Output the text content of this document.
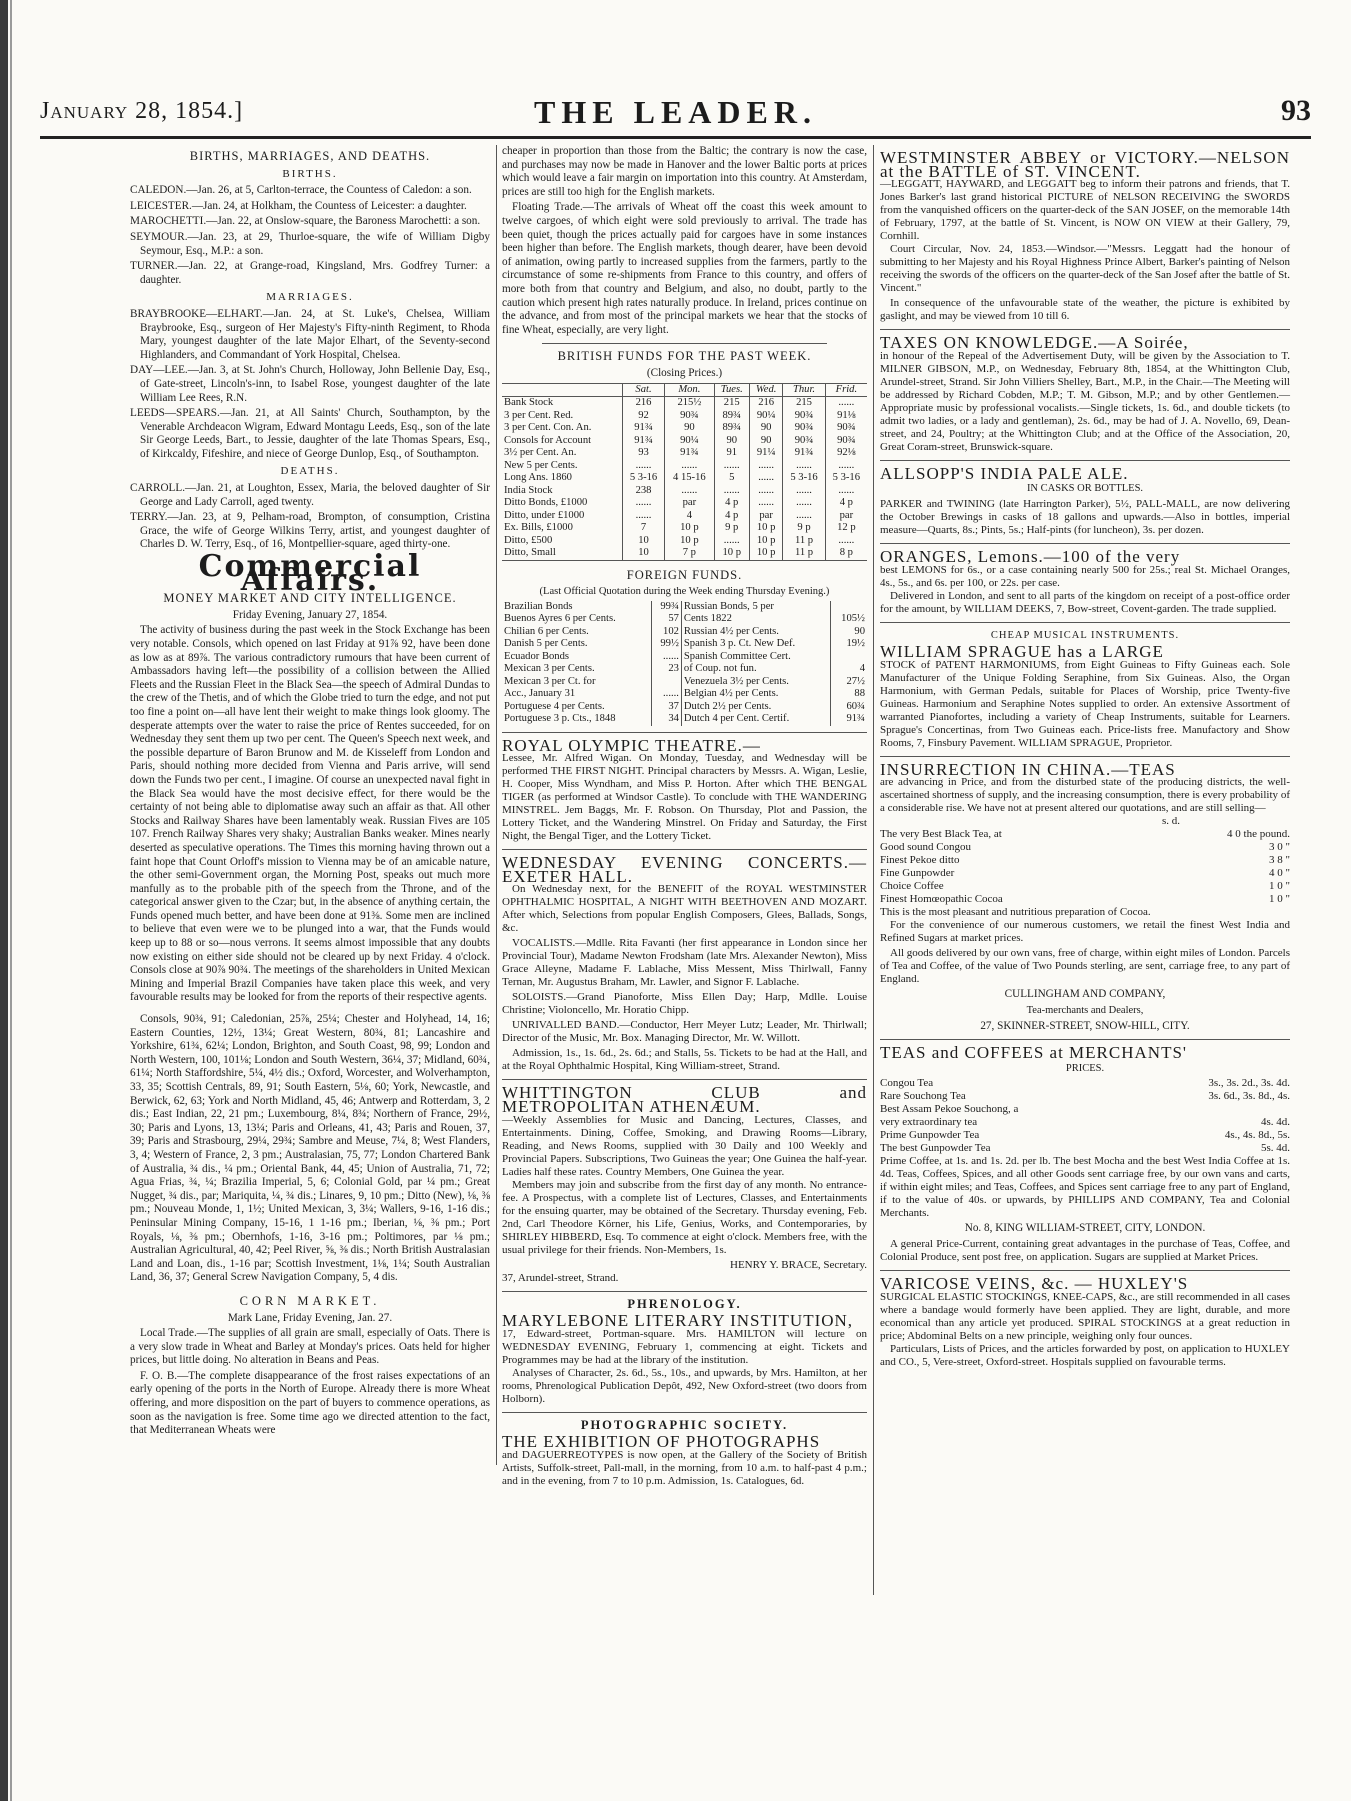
January 28, 1854.]	THE LEADER.	93
BIRTHS, MARRIAGES, AND DEATHS.
BIRTHS.
CALEDON.—Jan. 26, at 5, Carlton-terrace, the Countess of Caledon: a son.
LEICESTER.—Jan. 24, at Holkham, the Countess of Leicester: a daughter.
MAROCHETTI.—Jan. 22, at Onslow-square, the Baroness Marochetti: a son.
SEYMOUR.—Jan. 23, at 29, Thurloe-square, the wife of William Digby Seymour, Esq., M.P.: a son.
TURNER.—Jan. 22, at Grange-road, Kingsland, Mrs. Godfrey Turner: a daughter.
MARRIAGES.
BRAYBROOKE—ELHART.—Jan. 24, at St. Luke's, Chelsea, William Braybrooke, Esq., surgeon of Her Majesty's Fifty-ninth Regiment, to Rhoda Mary, youngest daughter of the late Major Elhart, of the Seventy-second Highlanders, and Commandant of York Hospital, Chelsea.
DAY—LEE.—Jan. 3, at St. John's Church, Holloway, John Bellenie Day, Esq., of Gate-street, Lincoln's-inn, to Isabel Rose, youngest daughter of the late William Lee Rees, R.N.
LEEDS—SPEARS.—Jan. 21, at All Saints' Church, Southampton, by the Venerable Archdeacon Wigram, Edward Montagu Leeds, Esq., son of the late Sir George Leeds, Bart., to Jessie, daughter of the late Thomas Spears, Esq., of Kirkcaldy, Fifeshire, and niece of George Dunlop, Esq., of Southampton.
DEATHS.
CARROLL.—Jan. 21, at Loughton, Essex, Maria, the beloved daughter of Sir George and Lady Carroll, aged twenty.
TERRY.—Jan. 23, at 9, Pelham-road, Brompton, of consumption, Cristina Grace, the wife of George Wilkins Terry, artist, and youngest daughter of Charles D. W. Terry, Esq., of 16, Montpellier-square, aged thirty-one.
Commercial Affairs.
MONEY MARKET AND CITY INTELLIGENCE.
Friday Evening, January 27, 1854.
The activity of business during the past week in the Stock Exchange has been very notable. Consols, which opened on last Friday at 91⅞ 92, have been done as low as at 89⅞. The various contradictory rumours that have been current of Ambassadors having left—the possibility of a collision between the Allied Fleets and the Russian Fleet in the Black Sea—the speech of Admiral Dundas to the crew of the Thetis, and of which the Globe tried to turn the edge, and not put too fine a point on—all have lent their weight to make things look gloomy. The desperate attempts over the water to raise the price of Rentes succeeded, for on Wednesday they sent them up two per cent. The Queen's Speech next week, and the possible departure of Baron Brunow and M. de Kisseleff from London and Paris, should nothing more decided from Vienna and Paris arrive, will send down the Funds two per cent., I imagine. Of course an unexpected naval fight in the Black Sea would have the most decisive effect, for there would be the certainty of not being able to diplomatise away such an affair as that. All other Stocks and Railway Shares have been lamentably weak. Russian Fives are 105 107. French Railway Shares very shaky; Australian Banks weaker. Mines nearly deserted as speculative operations. The Times this morning having thrown out a faint hope that Count Orloff's mission to Vienna may be of an amicable nature, the other semi-Government organ, the Morning Post, speaks out much more manfully as to the probable pith of the speech from the Throne, and of the categorical answer given to the Czar; but, in the absence of anything certain, the Funds opened much better, and have been done at 91⅜. Some men are inclined to believe that even were we to be plunged into a war, that the Funds would keep up to 88 or so—nous verrons. It seems almost impossible that any doubts now existing on either side should not be cleared up by next Friday. 4 o'clock. Consols close at 90⅞ 90¾. The meetings of the shareholders in United Mexican Mining and Imperial Brazil Companies have taken place this week, and very favourable results may be looked for from the reports of their respective agents.
Consols, 90¾, 91; Caledonian, 25⅞, 25¼; Chester and Holyhead, 14, 16; Eastern Counties, 12½, 13¼; Great Western, 80¾, 81; Lancashire and Yorkshire, 61¾, 62¼; London, Brighton, and South Coast, 98, 99; London and North Western, 100, 101⅛; London and South Western, 36¼, 37; Midland, 60¾, 61¼; North Staffordshire, 5¼, 4½ dis.; Oxford, Worcester, and Wolverhampton, 33, 35; Scottish Centrals, 89, 91; South Eastern, 5⅛, 60; York, Newcastle, and Berwick, 62, 63; York and North Midland, 45, 46; Antwerp and Rotterdam, 3, 2 dis.; East Indian, 22, 21 pm.; Luxembourg, 8¼, 8¾; Northern of France, 29½, 30; Paris and Lyons, 13, 13¼; Paris and Orleans, 41, 43; Paris and Rouen, 37, 39; Paris and Strasbourg, 29¼, 29¾; Sambre and Meuse, 7¼, 8; West Flanders, 3, 4; Western of France, 2, 3 pm.; Australasian, 75, 77; London Chartered Bank of Australia, ¾ dis., ¼ pm.; Oriental Bank, 44, 45; Union of Australia, 71, 72; Agua Frias, ¾, ¼; Brazilia Imperial, 5, 6; Colonial Gold, par ¼ pm.; Great Nugget, ¾ dis., par; Mariquita, ¼, ¾ dis.; Linares, 9, 10 pm.; Ditto (New), ⅛, ⅜ pm.; Nouveau Monde, 1, 1½; United Mexican, 3, 3¼; Wallers, 9-16, 1-16 dis.; Peninsular Mining Company, 15-16, 1 1-16 pm.; Iberian, ⅛, ⅜ pm.; Port Royals, ⅛, ⅜ pm.; Obernhofs, 1-16, 3-16 pm.; Poltimores, par ⅛ pm.; Australian Agricultural, 40, 42; Peel River, ⅝, ⅜ dis.; North British Australasian Land and Loan, dis., 1-16 par; Scottish Investment, 1⅛, 1¼; South Australian Land, 36, 37; General Screw Navigation Company, 5, 4 dis.
CORN MARKET.
Mark Lane, Friday Evening, Jan. 27.
Local Trade.—The supplies of all grain are small, especially of Oats. There is a very slow trade in Wheat and Barley at Monday's prices. Oats held for higher prices, but little doing. No alteration in Beans and Peas.
F. O. B.—The complete disappearance of the frost raises expectations of an early opening of the ports in the North of Europe. Already there is more Wheat offering, and more disposition on the part of buyers to commence operations, as soon as the navigation is free. Some time ago we directed attention to the fact, that Mediterranean Wheats were
cheaper in proportion than those from the Baltic; the contrary is now the case, and purchases may now be made in Hanover and the lower Baltic ports at prices which would leave a fair margin on importation into this country. At Amsterdam, prices are still too high for the English markets.
Floating Trade.—The arrivals of Wheat off the coast this week amount to twelve cargoes, of which eight were sold previously to arrival. The trade has been quiet, though the prices actually paid for cargoes have in some instances been higher than before. The English markets, though dearer, have been devoid of animation, owing partly to increased supplies from the farmers, partly to the circumstance of some re-shipments from France to this country, and offers of more both from that country and Belgium, and also, no doubt, partly to the caution which present high rates naturally produce. In Ireland, prices continue on the advance, and from most of the principal markets we hear that the stocks of fine Wheat, especially, are very light.
BRITISH FUNDS FOR THE PAST WEEK.
(Closing Prices.)
	Sat.	Mon.	Tues.	Wed.	Thur.	Frid.
Bank Stock	216	215½	215	216	215	......
3 per Cent. Red.	92	90¾	89¾	90¼	90¾	91⅛
3 per Cent. Con. An.	91¾	90	89¾	90	90¾	90¾
Consols for Account	91¾	90¼	90	90	90¾	90¾
3½ per Cent. An.	93	91¾	91	91¼	91¾	92⅛
New 5 per Cents.	......	......	......	......	......	......
Long Ans. 1860	5 3-16	4 15-16	5	......	5 3-16	5 3-16
India Stock	238	......	......	......	......	......
Ditto Bonds, £1000	......	par	4 p	......	......	4 p
Ditto, under £1000	......	4	4 p	par	......	par
Ex. Bills, £1000	7	10 p	9 p	10 p	9 p	12 p
Ditto, £500	10	10 p	......	10 p	11 p	......
Ditto, Small	10	7 p	10 p	10 p	11 p	8 p
FOREIGN FUNDS.
(Last Official Quotation during the Week ending Thursday Evening.)
Brazilian Bonds	99¾	Russian Bonds, 5 per	
Buenos Ayres 6 per Cents.	57	Cents 1822	105½
Chilian 6 per Cents.	102	Russian 4½ per Cents.	90
Danish 5 per Cents.	99½	Spanish 3 p. Ct. New Def.	19½
Ecuador Bonds	......	Spanish Committee Cert.	
Mexican 3 per Cents.	23	of Coup. not fun.	4
Mexican 3 per Ct. for		Venezuela 3½ per Cents.	27½
Acc., January 31	......	Belgian 4½ per Cents.	88
Portuguese 4 per Cents.	37	Dutch 2½ per Cents.	60¾
Portuguese 3 p. Cts., 1848	34	Dutch 4 per Cent. Certif.	91¾
ROYAL OLYMPIC THEATRE.—
Lessee, Mr. Alfred Wigan. On Monday, Tuesday, and Wednesday will be performed THE FIRST NIGHT. Principal characters by Messrs. A. Wigan, Leslie, H. Cooper, Miss Wyndham, and Miss P. Horton. After which THE BENGAL TIGER (as performed at Windsor Castle). To conclude with THE WANDERING MINSTREL. Jem Baggs, Mr. F. Robson. On Thursday, Plot and Passion, the Lottery Ticket, and the Wandering Minstrel. On Friday and Saturday, the First Night, the Bengal Tiger, and the Lottery Ticket.
WEDNESDAY EVENING CONCERTS.—EXETER HALL.
On Wednesday next, for the BENEFIT of the ROYAL WESTMINSTER OPHTHALMIC HOSPITAL, A NIGHT WITH BEETHOVEN AND MOZART. After which, Selections from popular English Composers, Glees, Ballads, Songs, &c.
VOCALISTS.—Mdlle. Rita Favanti (her first appearance in London since her Provincial Tour), Madame Newton Frodsham (late Mrs. Alexander Newton), Miss Grace Alleyne, Madame F. Lablache, Miss Messent, Miss Thirlwall, Fanny Ternan, Mr. Augustus Braham, Mr. Lawler, and Signor F. Lablache.
SOLOISTS.—Grand Pianoforte, Miss Ellen Day; Harp, Mdlle. Louise Christine; Violoncello, Mr. Horatio Chipp.
UNRIVALLED BAND.—Conductor, Herr Meyer Lutz; Leader, Mr. Thirlwall; Director of the Music, Mr. Box. Managing Director, Mr. W. Willott.
Admission, 1s., 1s. 6d., 2s. 6d.; and Stalls, 5s. Tickets to be had at the Hall, and at the Royal Ophthalmic Hospital, King William-street, Strand.
WHITTINGTON CLUB and METROPOLITAN ATHENÆUM.
—Weekly Assemblies for Music and Dancing, Lectures, Classes, and Entertainments. Dining, Coffee, Smoking, and Drawing Rooms—Library, Reading, and News Rooms, supplied with 30 Daily and 100 Weekly and Provincial Papers. Subscriptions, Two Guineas the year; One Guinea the half-year. Ladies half these rates. Country Members, One Guinea the year.
Members may join and subscribe from the first day of any month. No entrance-fee. A Prospectus, with a complete list of Lectures, Classes, and Entertainments for the ensuing quarter, may be obtained of the Secretary. Thursday evening, Feb. 2nd, Carl Theodore Körner, his Life, Genius, Works, and Contemporaries, by SHIRLEY HIBBERD, Esq. To commence at eight o'clock. Members free, with the usual privilege for their friends. Non-Members, 1s.
HENRY Y. BRACE, Secretary.
37, Arundel-street, Strand.
PHRENOLOGY.
MARYLEBONE LITERARY INSTITUTION,
17, Edward-street, Portman-square. Mrs. HAMILTON will lecture on WEDNESDAY EVENING, February 1, commencing at eight. Tickets and Programmes may be had at the library of the institution.
Analyses of Character, 2s. 6d., 5s., 10s., and upwards, by Mrs. Hamilton, at her rooms, Phrenological Publication Depôt, 492, New Oxford-street (two doors from Holborn).
PHOTOGRAPHIC SOCIETY.
THE EXHIBITION OF PHOTOGRAPHS
and DAGUERREOTYPES is now open, at the Gallery of the Society of British Artists, Suffolk-street, Pall-mall, in the morning, from 10 a.m. to half-past 4 p.m.; and in the evening, from 7 to 10 p.m. Admission, 1s. Catalogues, 6d.
WESTMINSTER ABBEY or VICTORY.—NELSON at the BATTLE of ST. VINCENT.
—LEGGATT, HAYWARD, and LEGGATT beg to inform their patrons and friends, that T. Jones Barker's last grand historical PICTURE of NELSON RECEIVING the SWORDS from the vanquished officers on the quarter-deck of the SAN JOSEF, on the memorable 14th of February, 1797, at the battle of St. Vincent, is NOW ON VIEW at their Gallery, 79, Cornhill.
Court Circular, Nov. 24, 1853.—Windsor.—"Messrs. Leggatt had the honour of submitting to her Majesty and his Royal Highness Prince Albert, Barker's painting of Nelson receiving the swords of the officers on the quarter-deck of the San Josef after the battle of St. Vincent."
In consequence of the unfavourable state of the weather, the picture is exhibited by gaslight, and may be viewed from 10 till 6.
TAXES ON KNOWLEDGE.—A Soirée,
in honour of the Repeal of the Advertisement Duty, will be given by the Association to T. MILNER GIBSON, M.P., on Wednesday, February 8th, 1854, at the Whittington Club, Arundel-street, Strand. Sir John Villiers Shelley, Bart., M.P., in the Chair.—The Meeting will be addressed by Richard Cobden, M.P.; T. M. Gibson, M.P.; and by other Gentlemen.—Appropriate music by professional vocalists.—Single tickets, 1s. 6d., and double tickets (to admit two ladies, or a lady and gentleman), 2s. 6d., may be had of J. A. Novello, 69, Dean-street, and 24, Poultry; at the Whittington Club; and at the Office of the Association, 20, Great Coram-street, Brunswick-square.
ALLSOPP'S INDIA PALE ALE.
IN CASKS OR BOTTLES.
PARKER and TWINING (late Harrington Parker), 5½, PALL-MALL, are now delivering the October Brewings in casks of 18 gallons and upwards.—Also in bottles, imperial measure—Quarts, 8s.; Pints, 5s.; Half-pints (for luncheon), 3s. per dozen.
ORANGES, Lemons.—100 of the very
best LEMONS for 6s., or a case containing nearly 500 for 25s.; real St. Michael Oranges, 4s., 5s., and 6s. per 100, or 22s. per case.
Delivered in London, and sent to all parts of the kingdom on receipt of a post-office order for the amount, by WILLIAM DEEKS, 7, Bow-street, Covent-garden. The trade supplied.
CHEAP MUSICAL INSTRUMENTS.
WILLIAM SPRAGUE has a LARGE
STOCK of PATENT HARMONIUMS, from Eight Guineas to Fifty Guineas each. Sole Manufacturer of the Unique Folding Seraphine, from Six Guineas. Also, the Organ Harmonium, with German Pedals, suitable for Places of Worship, price Twenty-five Guineas. Harmonium and Seraphine Notes supplied to order. An extensive Assortment of warranted Pianofortes, including a variety of Cheap Instruments, suitable for Learners. Sprague's Concertinas, from Two Guineas each. Price-lists free. Manufactory and Show Rooms, 7, Finsbury Pavement. WILLIAM SPRAGUE, Proprietor.
INSURRECTION IN CHINA.—TEAS
are advancing in Price, and from the disturbed state of the producing districts, the well-ascertained shortness of supply, and the increasing consumption, there is every probability of a considerable rise. We have not at present altered our quotations, and are still selling—
s. d.
The very Best Black Tea, at	4 0 the pound.
Good sound Congou	3 0 "
Finest Pekoe ditto	3 8 "
Fine Gunpowder	4 0 "
Choice Coffee	1 0 "
Finest Homœopathic Cocoa	1 0 "
This is the most pleasant and nutritious preparation of Cocoa.
For the convenience of our numerous customers, we retail the finest West India and Refined Sugars at market prices.
All goods delivered by our own vans, free of charge, within eight miles of London. Parcels of Tea and Coffee, of the value of Two Pounds sterling, are sent, carriage free, to any part of England.
CULLINGHAM AND COMPANY,
Tea-merchants and Dealers,
27, SKINNER-STREET, SNOW-HILL, CITY.
TEAS and COFFEES at MERCHANTS'
PRICES.
Congou Tea	3s., 3s. 2d., 3s. 4d.
Rare Souchong Tea	3s. 6d., 3s. 8d., 4s.
Best Assam Pekoe Souchong, a
very extraordinary tea	4s. 4d.
Prime Gunpowder Tea	4s., 4s. 8d., 5s.
The best Gunpowder Tea	5s. 4d.
Prime Coffee, at 1s. and 1s. 2d. per lb. The best Mocha and the best West India Coffee at 1s. 4d. Teas, Coffees, Spices, and all other Goods sent carriage free, by our own vans and carts, if within eight miles; and Teas, Coffees, and Spices sent carriage free to any part of England, if to the value of 40s. or upwards, by PHILLIPS AND COMPANY, Tea and Colonial Merchants.
No. 8, KING WILLIAM-STREET, CITY, LONDON.
A general Price-Current, containing great advantages in the purchase of Teas, Coffee, and Colonial Produce, sent post free, on application. Sugars are supplied at Market Prices.
VARICOSE VEINS, &c. — HUXLEY'S
SURGICAL ELASTIC STOCKINGS, KNEE-CAPS, &c., are still recommended in all cases where a bandage would formerly have been applied. They are light, durable, and more economical than any article yet produced. SPIRAL STOCKINGS at a great reduction in price; Abdominal Belts on a new principle, weighing only four ounces.
Particulars, Lists of Prices, and the articles forwarded by post, on application to HUXLEY and CO., 5, Vere-street, Oxford-street. Hospitals supplied on favourable terms.
